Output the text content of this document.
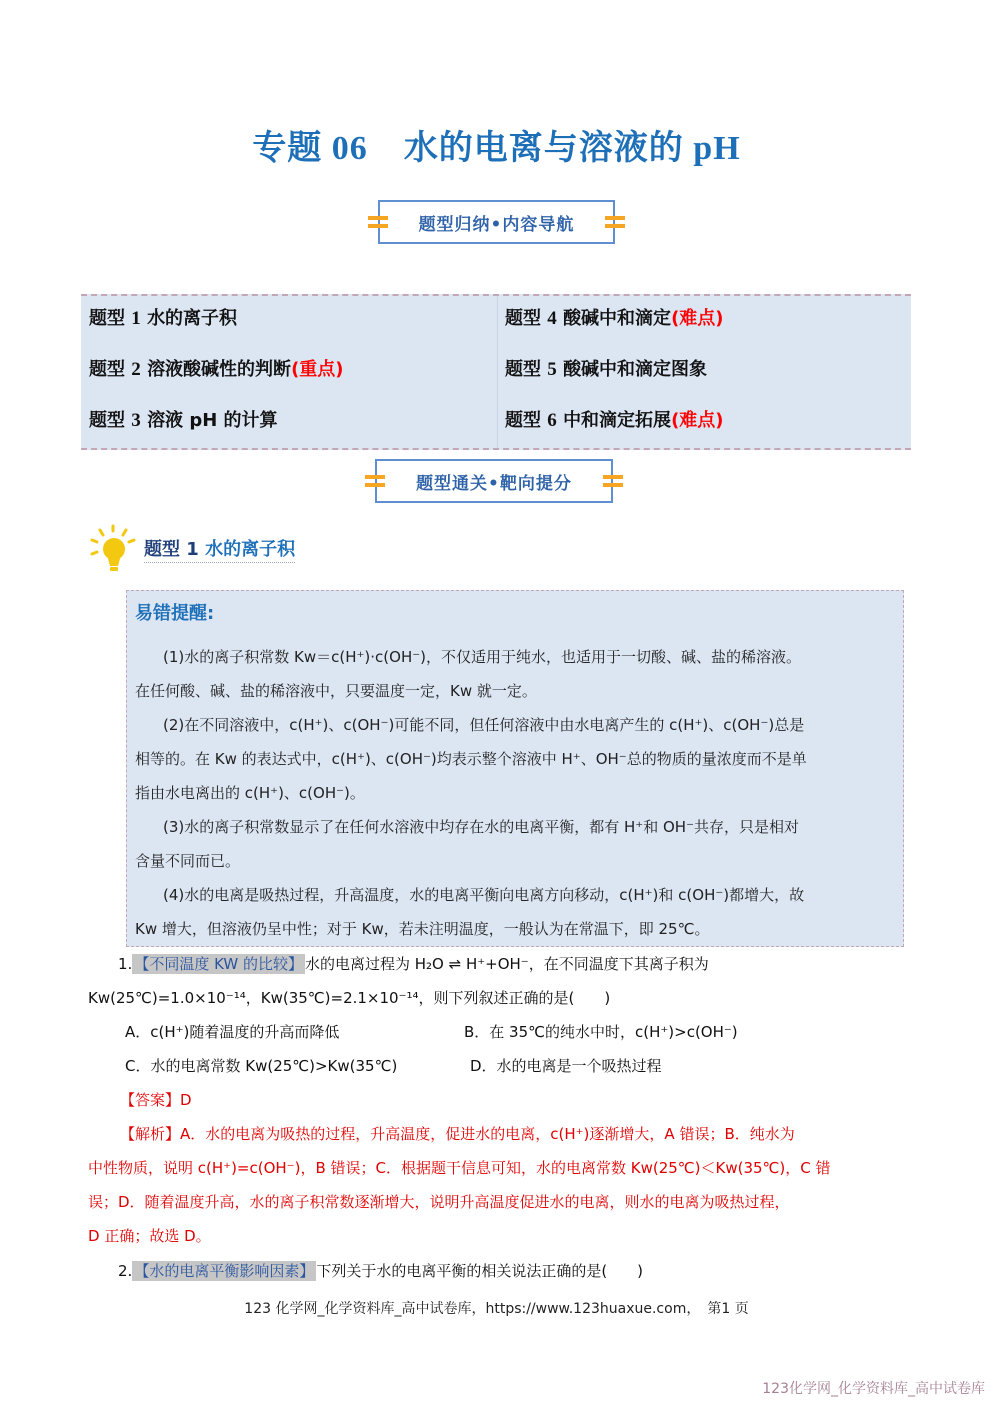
专题 06 水的电离与溶液的 pH
题型归纳•内容导航
题型 1 水的离子积
题型 2 溶液酸碱性的判断(重点)
题型 3 溶液 pH 的计算
题型 4 酸碱中和滴定(难点)
题型 5 酸碱中和滴定图象
题型 6 中和滴定拓展(难点)
题型通关•靶向提分
题型 1 水的离子积
易错提醒:
(1)水的离子积常数 Kw＝c(H⁺)·c(OH⁻)，不仅适用于纯水，也适用于一切酸、碱、盐的稀溶液。
在任何酸、碱、盐的稀溶液中，只要温度一定，Kw 就一定。
(2)在不同溶液中，c(H⁺)、c(OH⁻)可能不同，但任何溶液中由水电离产生的 c(H⁺)、c(OH⁻)总是
相等的。在 Kw 的表达式中，c(H⁺)、c(OH⁻)均表示整个溶液中 H⁺、OH⁻总的物质的量浓度而不是单
指由水电离出的 c(H⁺)、c(OH⁻)。
(3)水的离子积常数显示了在任何水溶液中均存在水的电离平衡，都有 H⁺和 OH⁻共存，只是相对
含量不同而已。
(4)水的电离是吸热过程，升高温度，水的电离平衡向电离方向移动，c(H⁺)和 c(OH⁻)都增大，故
Kw 增大，但溶液仍呈中性；对于 Kw，若未注明温度，一般认为在常温下，即 25℃。
1. 【不同温度 KW 的比较】 水的电离过程为 H₂O ⇌ H⁺+OH⁻，在不同温度下其离子积为
Kw(25℃)=1.0×10⁻¹⁴，Kw(35℃)=2.1×10⁻¹⁴，则下列叙述正确的是(　　)
A．c(H⁺)随着温度的升高而降低	B．在 35℃的纯水中时，c(H⁺)>c(OH⁻)
C．水的电离常数 Kw(25℃)>Kw(35℃)	D．水的电离是一个吸热过程
【答案】D
【解析】A．水的电离为吸热的过程，升高温度，促进水的电离，c(H⁺)逐渐增大，A 错误；B．纯水为
中性物质，说明 c(H⁺)=c(OH⁻)，B 错误；C．根据题干信息可知，水的电离常数 Kw(25℃)＜Kw(35℃)，C 错
误；D．随着温度升高，水的离子积常数逐渐增大，说明升高温度促进水的电离，则水的电离为吸热过程，
D 正确；故选 D。
2. 【水的电离平衡影响因素】 下列关于水的电离平衡的相关说法正确的是(　　)
123 化学网_化学资料库_高中试卷库，https://www.123huaxue.com，　第1 页
123化学网_化学资料库_高中试卷库
